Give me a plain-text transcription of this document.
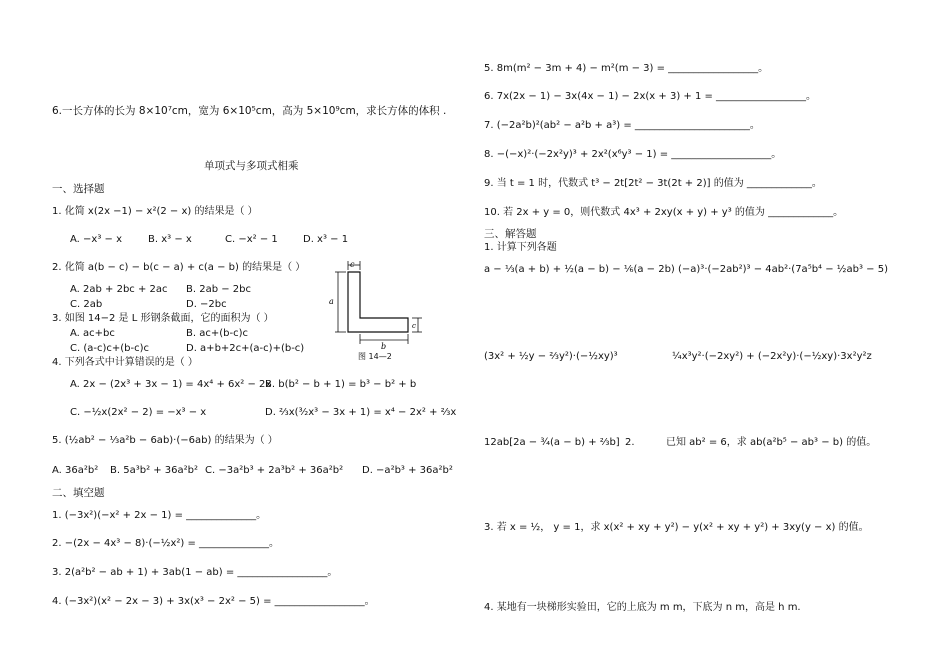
6.一长方体的长为 8×10⁷cm，宽为 6×10⁵cm，高为 5×10⁹cm，求长方体的体积 .
单项式与多项式相乘
一、选择题
1. 化简 x(2x −1) − x²(2 − x) 的结果是（ ）
A. −x³ − x	B. x³ − x	C. −x² − 1	D. x³ − 1
2. 化简 a(b − c) − b(c − a) + c(a − b) 的结果是（ ）
A. 2ab + 2bc + 2ac B. 2ab − 2bc
C. 2ab	D. −2bc
3. 如图 14−2 是 L 形钢条截面，它的面积为（ ）
A. ac+bc	B. ac+(b-c)c
C. (a-c)c+(b-c)c	D. a+b+2c+(a-c)+(b-c)
4. 下列各式中计算错误的是（ ）
A. 2x − (2x³ + 3x − 1) = 4x⁴ + 6x² − 2x
B. b(b² − b + 1) = b³ − b² + b
C. −½x(2x² − 2) = −x³ − x	D. ⅔x(³⁄₂x³ − 3x + 1) = x⁴ − 2x² + ⅔x
5. (½ab² − ⅓a²b − 6ab)·(−6ab) 的结果为（ ）
A. 36a²b² B. 5a³b² + 36a²b² C. −3a²b³ + 2a³b² + 36a²b² D. −a²b³ + 36a²b²
二、填空题
1. (−3x²)(−x² + 2x − 1) = ______________。
2. −(2x − 4x³ − 8)·(−½x²) = ______________。
3. 2(a²b² − ab + 1) + 3ab(1 − ab) = __________________。
4. (−3x²)(x² − 2x − 3) + 3x(x³ − 2x² − 5) = __________________。
c
a
b
c
图 14—2
5. 8m(m² − 3m + 4) − m²(m − 3) = __________________。
6. 7x(2x − 1) − 3x(4x − 1) − 2x(x + 3) + 1 = __________________。
7. (−2a²b)²(ab² − a²b + a³) = _______________________。
8. −(−x)²·(−2x²y)³ + 2x²(x⁶y³ − 1) = ____________________。
9. 当 t = 1 时，代数式 t³ − 2t[2t² − 3t(2t + 2)] 的值为 _____________。
10. 若 2x + y = 0，则代数式 4x³ + 2xy(x + y) + y³ 的值为 _____________。
三、解答题
1. 计算下列各题
a − ⅓(a + b) + ½(a − b) − ⅙(a − 2b) (−a)³·(−2ab²)³ − 4ab²·(7a⁵b⁴ − ½ab³ − 5)
(3x² + ½y − ⅔y²)·(−½xy)³	¼x³y²·(−2xy²) + (−2x²y)·(−½xy)·3x²y²z
12ab[2a − ¾(a − b) + ⅔b] 2.	已知 ab² = 6，求 ab(a²b⁵ − ab³ − b) 的值。
3. 若 x = ½， y = 1，求 x(x² + xy + y²) − y(x² + xy + y²) + 3xy(y − x) 的值。
4. 某地有一块梯形实验田，它的上底为 m m，下底为 n m，高是 h m.
